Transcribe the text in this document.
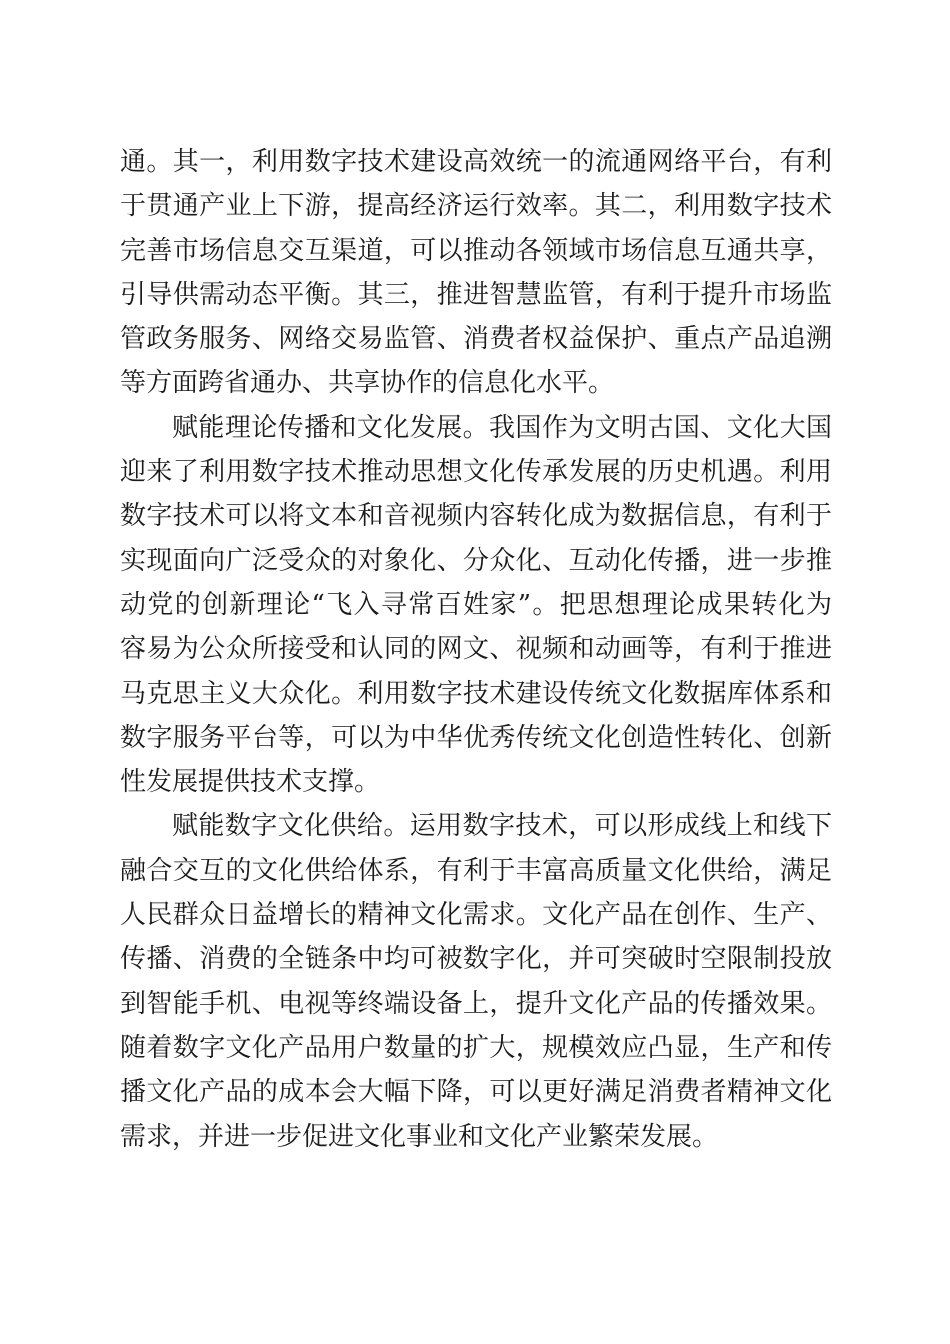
通。其一，利用数字技术建设高效统一的流通网络平台，有利
于贯通产业上下游，提高经济运行效率。其二，利用数字技术
完善市场信息交互渠道，可以推动各领域市场信息互通共享，
引导供需动态平衡。其三，推进智慧监管，有利于提升市场监
管政务服务、网络交易监管、消费者权益保护、重点产品追溯
等方面跨省通办、共享协作的信息化水平。
赋能理论传播和文化发展。我国作为文明古国、文化大国
迎来了利用数字技术推动思想文化传承发展的历史机遇。利用
数字技术可以将文本和音视频内容转化成为数据信息，有利于
实现面向广泛受众的对象化、分众化、互动化传播，进一步推
动党的创新理论“飞入寻常百姓家”。把思想理论成果转化为
容易为公众所接受和认同的网文、视频和动画等，有利于推进
马克思主义大众化。利用数字技术建设传统文化数据库体系和
数字服务平台等，可以为中华优秀传统文化创造性转化、创新
性发展提供技术支撑。
赋能数字文化供给。运用数字技术，可以形成线上和线下
融合交互的文化供给体系，有利于丰富高质量文化供给，满足
人民群众日益增长的精神文化需求。文化产品在创作、生产、
传播、消费的全链条中均可被数字化，并可突破时空限制投放
到智能手机、电视等终端设备上，提升文化产品的传播效果。
随着数字文化产品用户数量的扩大，规模效应凸显，生产和传
播文化产品的成本会大幅下降，可以更好满足消费者精神文化
需求，并进一步促进文化事业和文化产业繁荣发展。
